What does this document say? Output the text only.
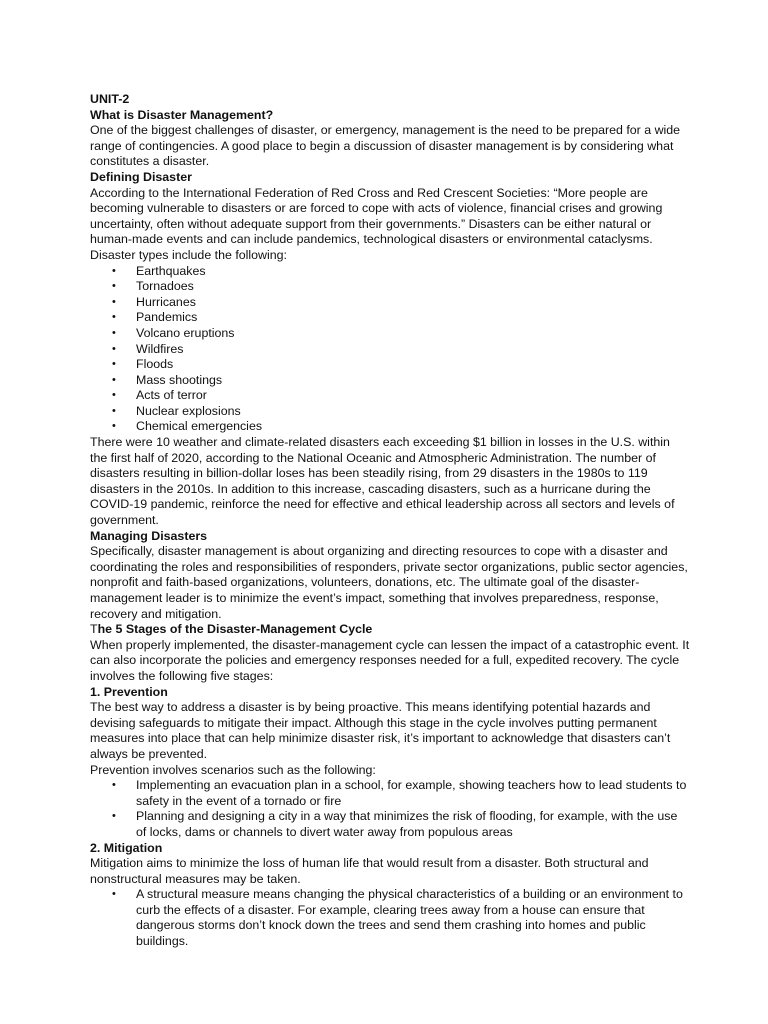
UNIT-2

What is Disaster Management?

One of the biggest challenges of disaster, or emergency, management is the need to be prepared for a wide range of contingencies. A good place to begin a discussion of disaster management is by considering what constitutes a disaster.

Defining Disaster

According to the International Federation of Red Cross and Red Crescent Societies: “More people are becoming vulnerable to disasters or are forced to cope with acts of violence, financial crises and growing uncertainty, often without adequate support from their governments.” Disasters can be either natural or human-made events and can include pandemics, technological disasters or environmental cataclysms. Disaster types include the following:

• Earthquakes
• Tornadoes
• Hurricanes
• Pandemics
• Volcano eruptions
• Wildfires
• Floods
• Mass shootings
• Acts of terror
• Nuclear explosions
• Chemical emergencies

There were 10 weather and climate-related disasters each exceeding $1 billion in losses in the U.S. within the first half of 2020, according to the National Oceanic and Atmospheric Administration. The number of disasters resulting in billion-dollar loses has been steadily rising, from 29 disasters in the 1980s to 119 disasters in the 2010s. In addition to this increase, cascading disasters, such as a hurricane during the COVID-19 pandemic, reinforce the need for effective and ethical leadership across all sectors and levels of government.

Managing Disasters

Specifically, disaster management is about organizing and directing resources to cope with a disaster and coordinating the roles and responsibilities of responders, private sector organizations, public sector agencies, nonprofit and faith-based organizations, volunteers, donations, etc. The ultimate goal of the disaster-management leader is to minimize the event’s impact, something that involves preparedness, response, recovery and mitigation.

The 5 Stages of the Disaster-Management Cycle

When properly implemented, the disaster-management cycle can lessen the impact of a catastrophic event. It can also incorporate the policies and emergency responses needed for a full, expedited recovery. The cycle involves the following five stages:

1. Prevention

The best way to address a disaster is by being proactive. This means identifying potential hazards and devising safeguards to mitigate their impact. Although this stage in the cycle involves putting permanent measures into place that can help minimize disaster risk, it’s important to acknowledge that disasters can’t always be prevented.

Prevention involves scenarios such as the following:

• Implementing an evacuation plan in a school, for example, showing teachers how to lead students to safety in the event of a tornado or fire
• Planning and designing a city in a way that minimizes the risk of flooding, for example, with the use of locks, dams or channels to divert water away from populous areas

2. Mitigation

Mitigation aims to minimize the loss of human life that would result from a disaster. Both structural and nonstructural measures may be taken.

• A structural measure means changing the physical characteristics of a building or an environment to curb the effects of a disaster. For example, clearing trees away from a house can ensure that dangerous storms don’t knock down the trees and send them crashing into homes and public buildings.
